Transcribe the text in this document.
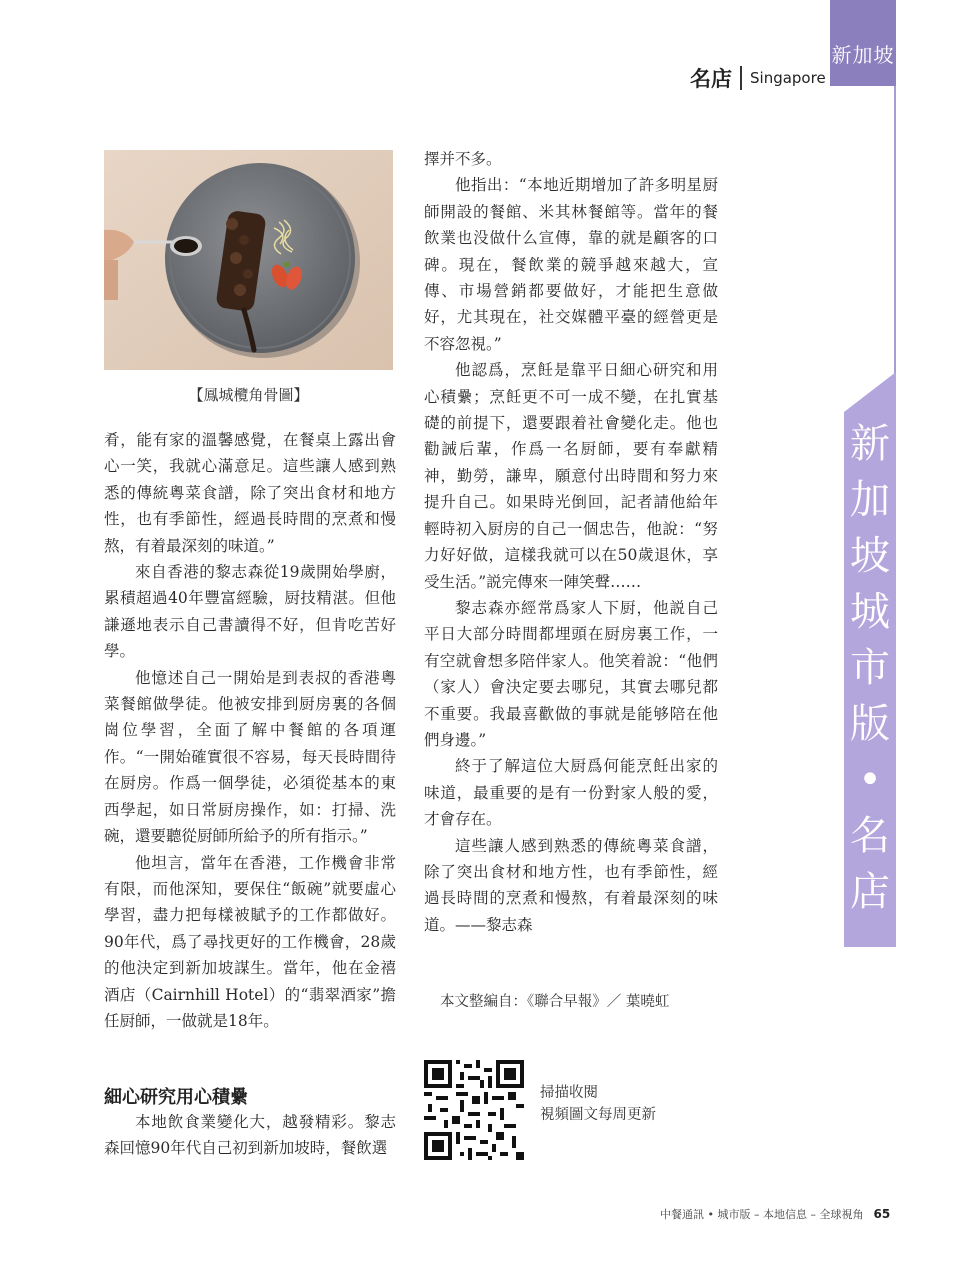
新加坡
名店 Singapore
新
加
坡
城
市
版
•
名
店
【鳳城欖角骨圖】

肴，能有家的溫馨感覺，在餐桌上露出會心一笑，我就心滿意足。這些讓人感到熟悉的傳統粵菜食譜，除了突出食材和地方性，也有季節性，經過長時間的烹煮和慢熬，有着最深刻的味道。”

來自香港的黎志森從19歲開始學廚，累積超過40年豐富經驗，厨技精湛。但他謙遜地表示自己書讀得不好，但肯吃苦好學。

他憶述自己一開始是到表叔的香港粵菜餐館做學徒。他被安排到厨房裏的各個崗位學習，全面了解中餐館的各項運作。“一開始確實很不容易，每天長時間待在厨房。作爲一個學徒，必須從基本的東西學起，如日常厨房操作，如：打掃、洗碗，還要聽從厨師所給予的所有指示。”

他坦言，當年在香港，工作機會非常有限，而他深知，要保住“飯碗”就要虛心學習，盡力把每樣被賦予的工作都做好。90年代，爲了尋找更好的工作機會，28歲的他決定到新加坡謀生。當年，他在金禧酒店（Cairnhill Hotel）的“翡翠酒家”擔任厨師，一做就是18年。

細心研究用心積纍

本地飲食業變化大，越發精彩。黎志森回憶90年代自己初到新加坡時，餐飲選

擇并不多。

他指出：“本地近期增加了許多明星厨師開設的餐館、米其林餐館等。當年的餐飲業也没做什么宣傳，靠的就是顧客的口碑。現在，餐飲業的競爭越來越大，宣傳、市場營銷都要做好，才能把生意做好，尤其現在，社交媒體平臺的經營更是不容忽視。”

他認爲，烹飪是靠平日細心研究和用心積纍；烹飪更不可一成不變，在扎實基礎的前提下，還要跟着社會變化走。他也勸誡后輩，作爲一名厨師，要有奉獻精神，勤勞，謙卑，願意付出時間和努力來提升自己。如果時光倒回，記者請他給年輕時初入厨房的自己一個忠告，他說：“努力好好做，這樣我就可以在50歲退休，享受生活。”説完傳來一陣笑聲……

黎志森亦經常爲家人下厨，他説自己平日大部分時間都埋頭在厨房裏工作，一有空就會想多陪伴家人。他笑着說：“他們（家人）會決定要去哪兒，其實去哪兒都不重要。我最喜歡做的事就是能够陪在他們身邊。”

終于了解這位大厨爲何能烹飪出家的味道，最重要的是有一份對家人般的愛，才會存在。

這些讓人感到熟悉的傳統粵菜食譜，除了突出食材和地方性，也有季節性，經過長時間的烹煮和慢熬，有着最深刻的味道。——黎志森

本文整編自：《聯合早報》／ 葉曉虹
掃描收閱
視頻圖文每周更新
中餐通訊 • 城市版 – 本地信息 – 全球視角 65
